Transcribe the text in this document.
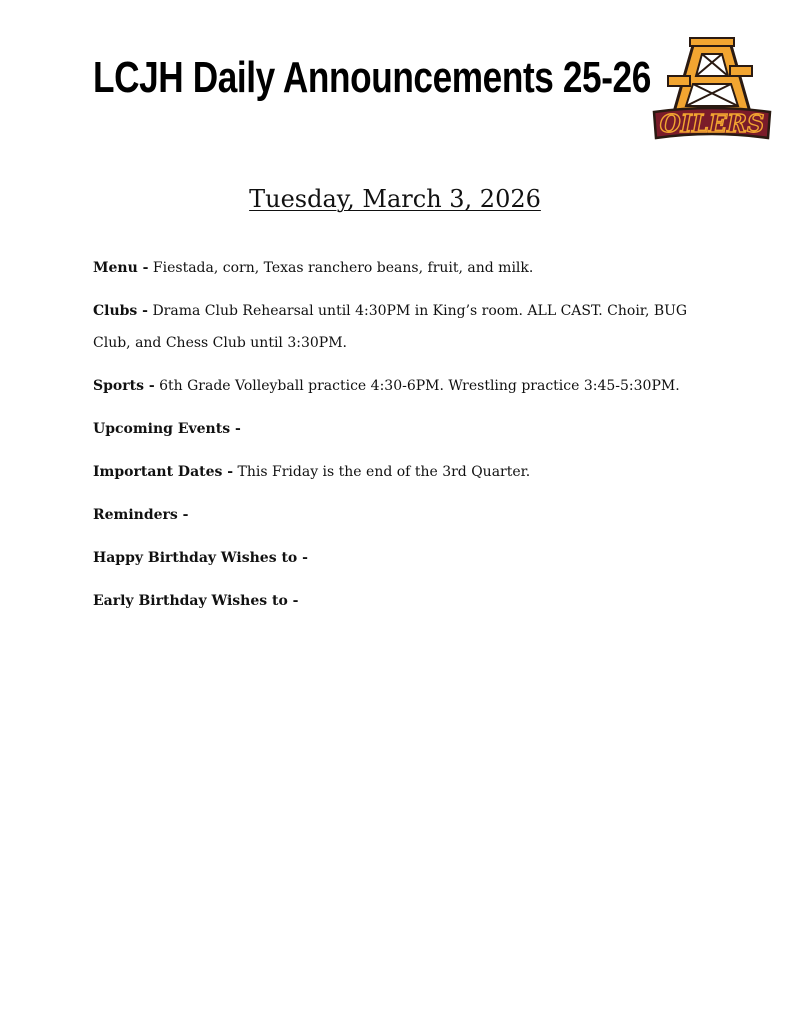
LCJH Daily Announcements 25-26
OILERS
Tuesday, March 3, 2026

Menu - Fiestada, corn, Texas ranchero beans, fruit, and milk.

Clubs - Drama Club Rehearsal until 4:30PM in King’s room. ALL CAST. Choir, BUG Club, and Chess Club until 3:30PM.

Sports - 6th Grade Volleyball practice 4:30-6PM. Wrestling practice 3:45-5:30PM.

Upcoming Events -

Important Dates - This Friday is the end of the 3rd Quarter.

Reminders -

Happy Birthday Wishes to -

Early Birthday Wishes to -
